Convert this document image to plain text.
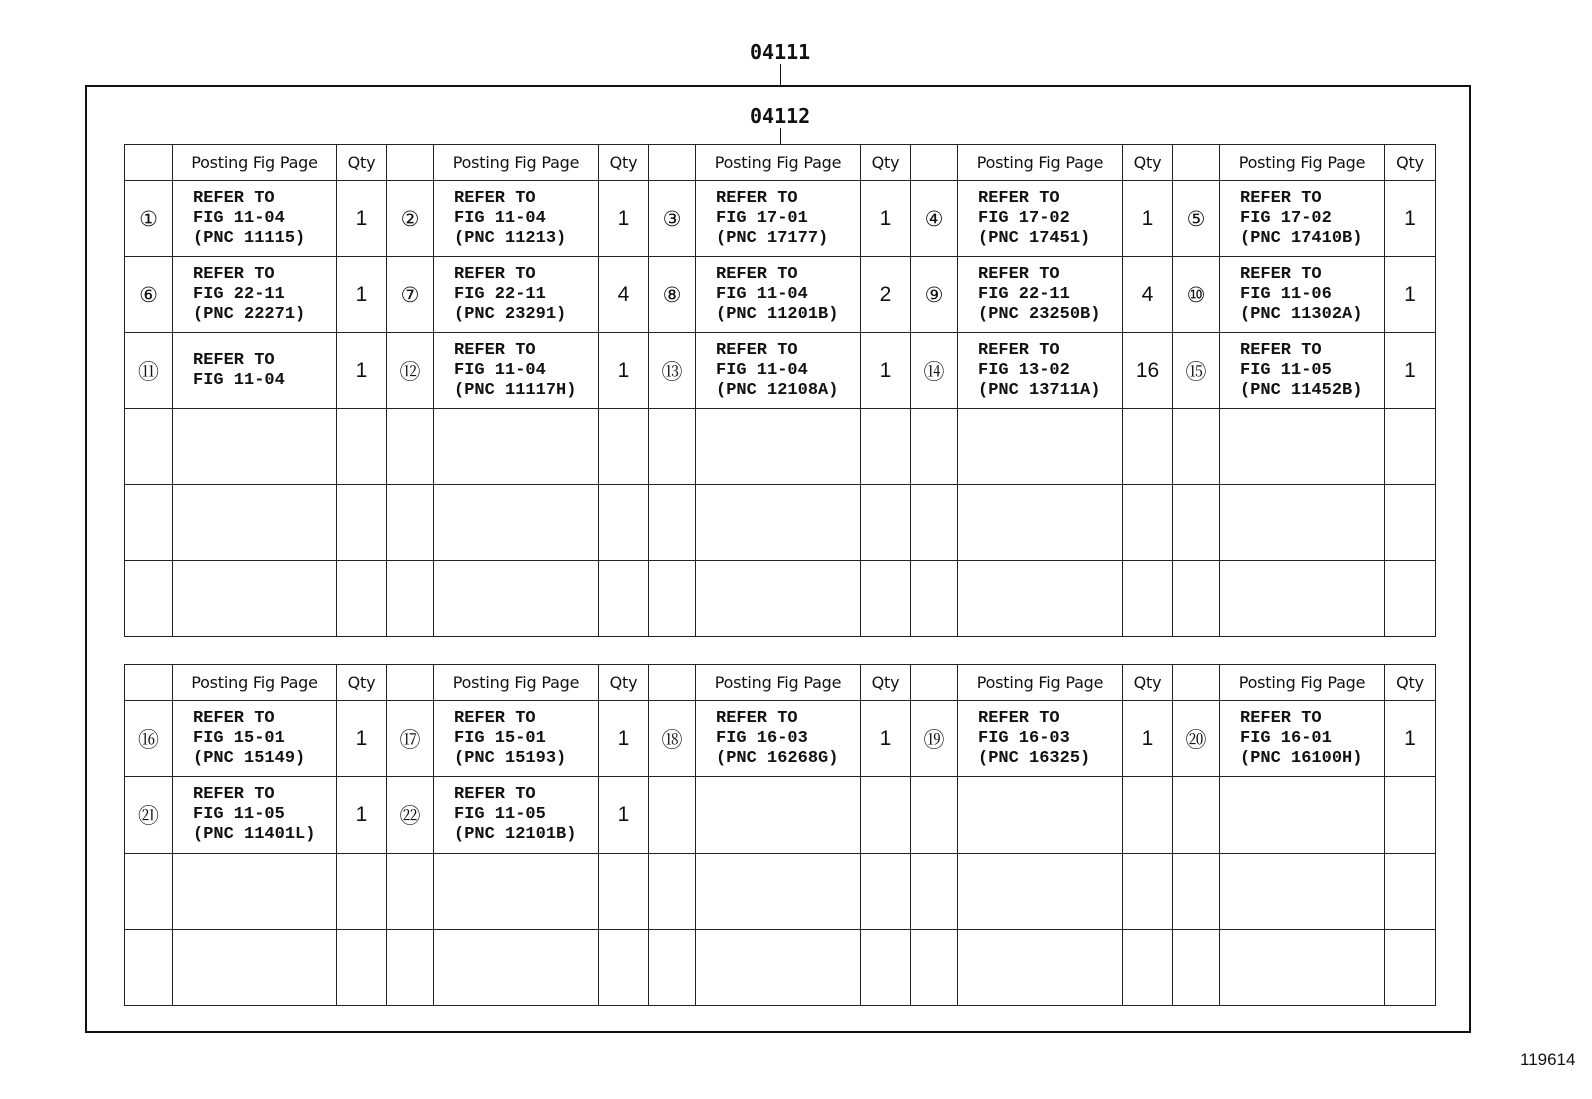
04111
04112
	Posting Fig Page	Qty		Posting Fig Page	Qty		Posting Fig Page	Qty		Posting Fig Page	Qty		Posting Fig Page	Qty
①	REFER TO
FIG 11-04
(PNC 11115)	1	②	REFER TO
FIG 11-04
(PNC 11213)	1	③	REFER TO
FIG 17-01
(PNC 17177)	1	④	REFER TO
FIG 17-02
(PNC 17451)	1	⑤	REFER TO
FIG 17-02
(PNC 17410B)	1
⑥	REFER TO
FIG 22-11
(PNC 22271)	1	⑦	REFER TO
FIG 22-11
(PNC 23291)	4	⑧	REFER TO
FIG 11-04
(PNC 11201B)	2	⑨	REFER TO
FIG 22-11
(PNC 23250B)	4	⑩	REFER TO
FIG 11-06
(PNC 11302A)	1
⑪	REFER TO
FIG 11-04	1	⑫	REFER TO
FIG 11-04
(PNC 11117H)	1	⑬	REFER TO
FIG 11-04
(PNC 12108A)	1	⑭	REFER TO
FIG 13-02
(PNC 13711A)	16	⑮	REFER TO
FIG 11-05
(PNC 11452B)	1

	Posting Fig Page	Qty		Posting Fig Page	Qty		Posting Fig Page	Qty		Posting Fig Page	Qty		Posting Fig Page	Qty
⑯	REFER TO
FIG 15-01
(PNC 15149)	1	⑰	REFER TO
FIG 15-01
(PNC 15193)	1	⑱	REFER TO
FIG 16-03
(PNC 16268G)	1	⑲	REFER TO
FIG 16-03
(PNC 16325)	1	⑳	REFER TO
FIG 16-01
(PNC 16100H)	1
㉑	REFER TO
FIG 11-05
(PNC 11401L)	1	㉒	REFER TO
FIG 11-05
(PNC 12101B)	1		

119614
